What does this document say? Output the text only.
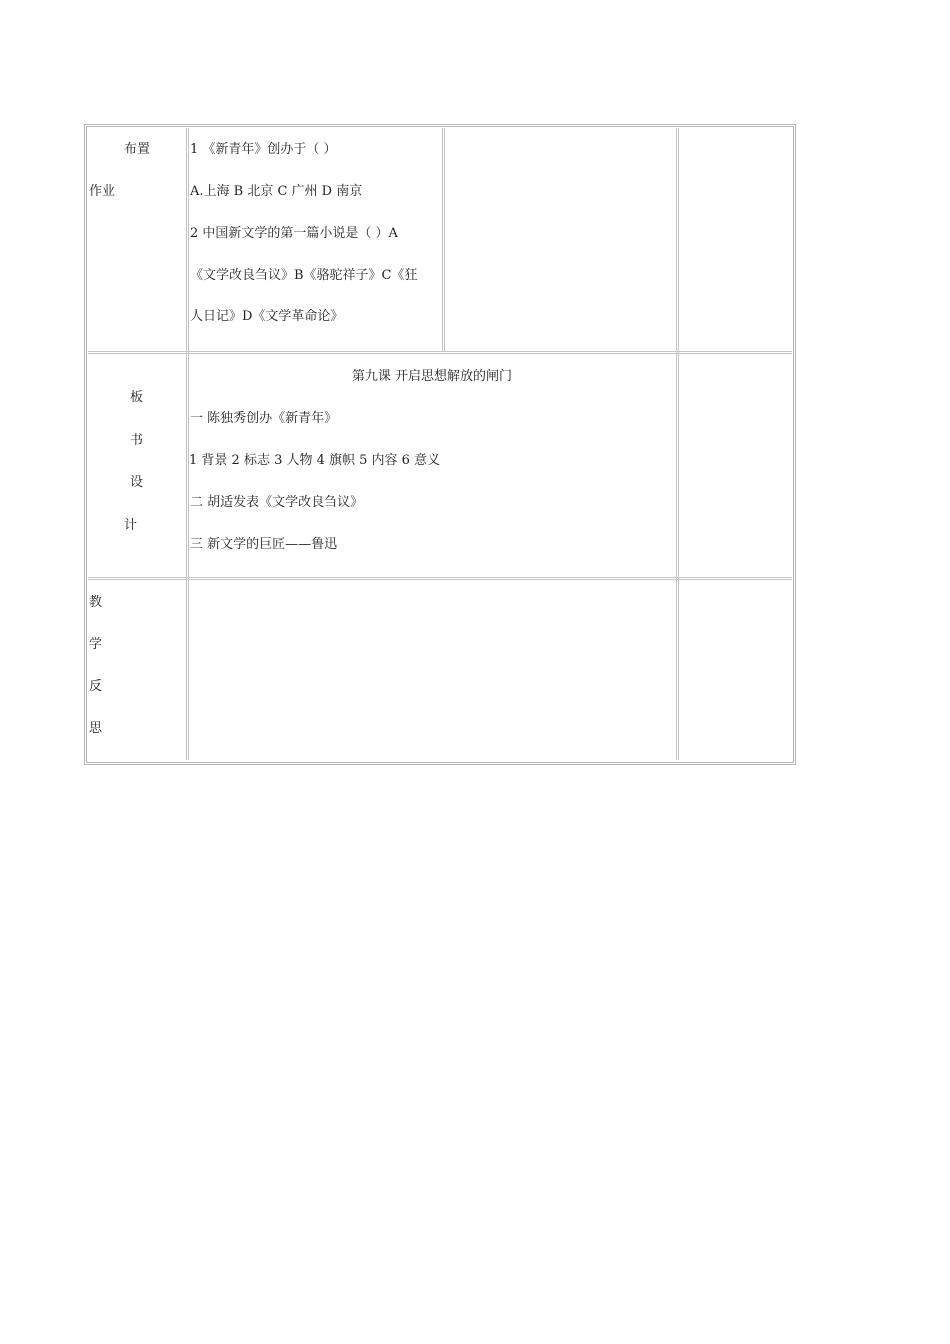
布置
作业
1 《新青年》创办于（ ）
A.上海 B 北京 C 广州 D 南京
2 中国新文学的第一篇小说是（ ）A
《文学改良刍议》B《骆驼祥子》C《狂
人日记》D《文学革命论》
板
书
设
计
第九课 开启思想解放的闸门
一 陈独秀创办《新青年》
1 背景 2 标志 3 人物 4 旗帜 5 内容 6 意义
二 胡适发表《文学改良刍议》
三 新文学的巨匠——鲁迅
教
学
反
思
